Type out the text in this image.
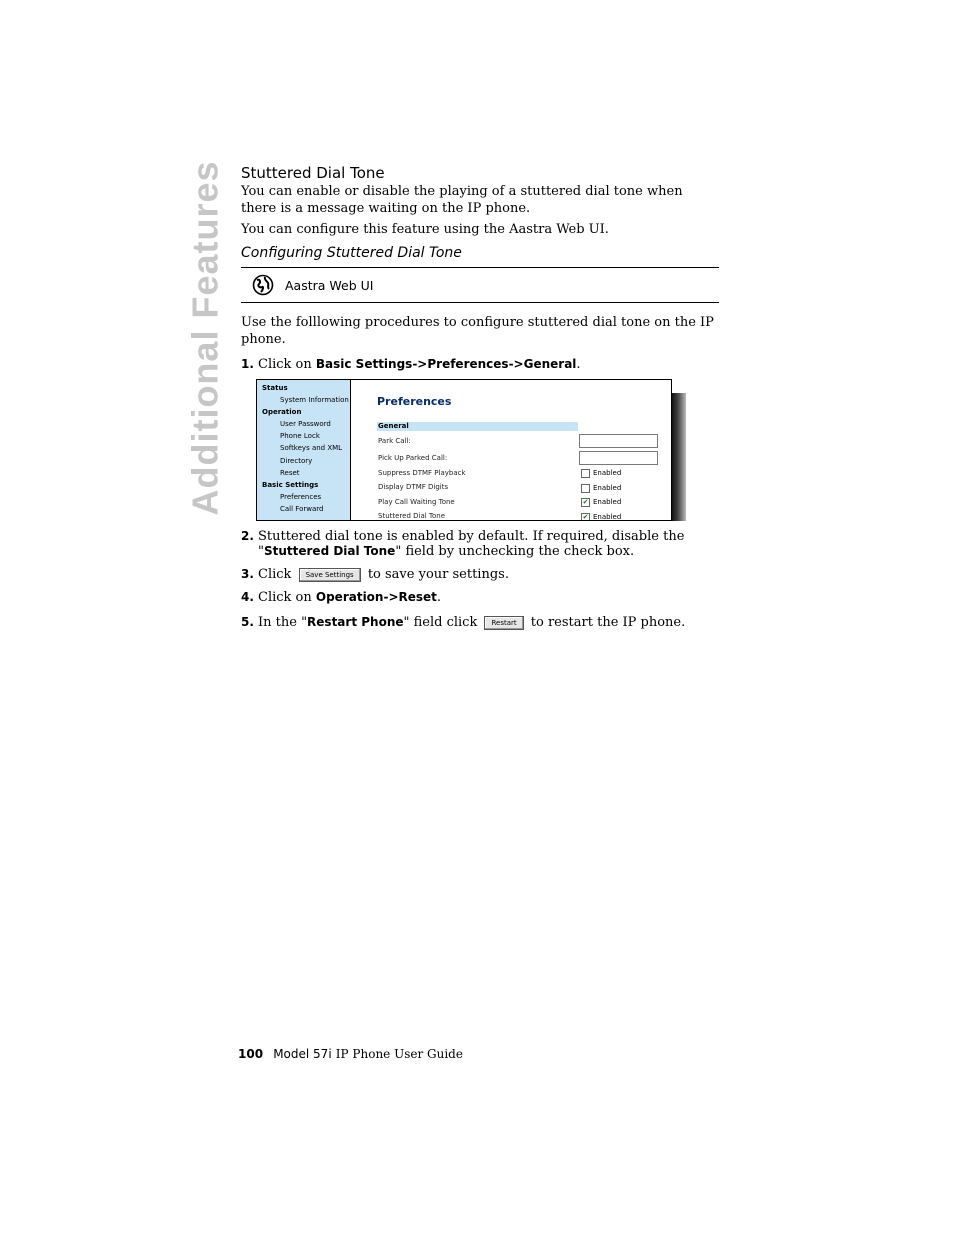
Additional Features Stuttered Dial Tone

You can enable or disable the playing of a stuttered dial tone when there is a message waiting on the IP phone.

You can configure this feature using the Aastra Web UI.

Configuring Stuttered Dial Tone
Aastra Web UI

Use the folllowing procedures to configure stuttered dial tone on the IP phone.

1. Click on Basic Settings->Preferences->General.
Status
System Information
Operation
User Password
Phone Lock
Softkeys and XML
Directory
Reset
Basic Settings
Preferences
Call Forward
Preferences
General
Park Call:
Pick Up Parked Call:
Suppress DTMF Playback	Enabled
Display DTMF Digits	Enabled
Play Call Waiting Tone	✔ Enabled
Stuttered Dial Tone	✔ Enabled
2. Stuttered dial tone is enabled by default. If required, disable the "Stuttered Dial Tone" field by unchecking the check box.
3. Click Save Settings to save your settings.
4. Click on Operation->Reset.
5. In the "Restart Phone" field click Restart to restart the IP phone.
100 Model 57i IP Phone User Guide
